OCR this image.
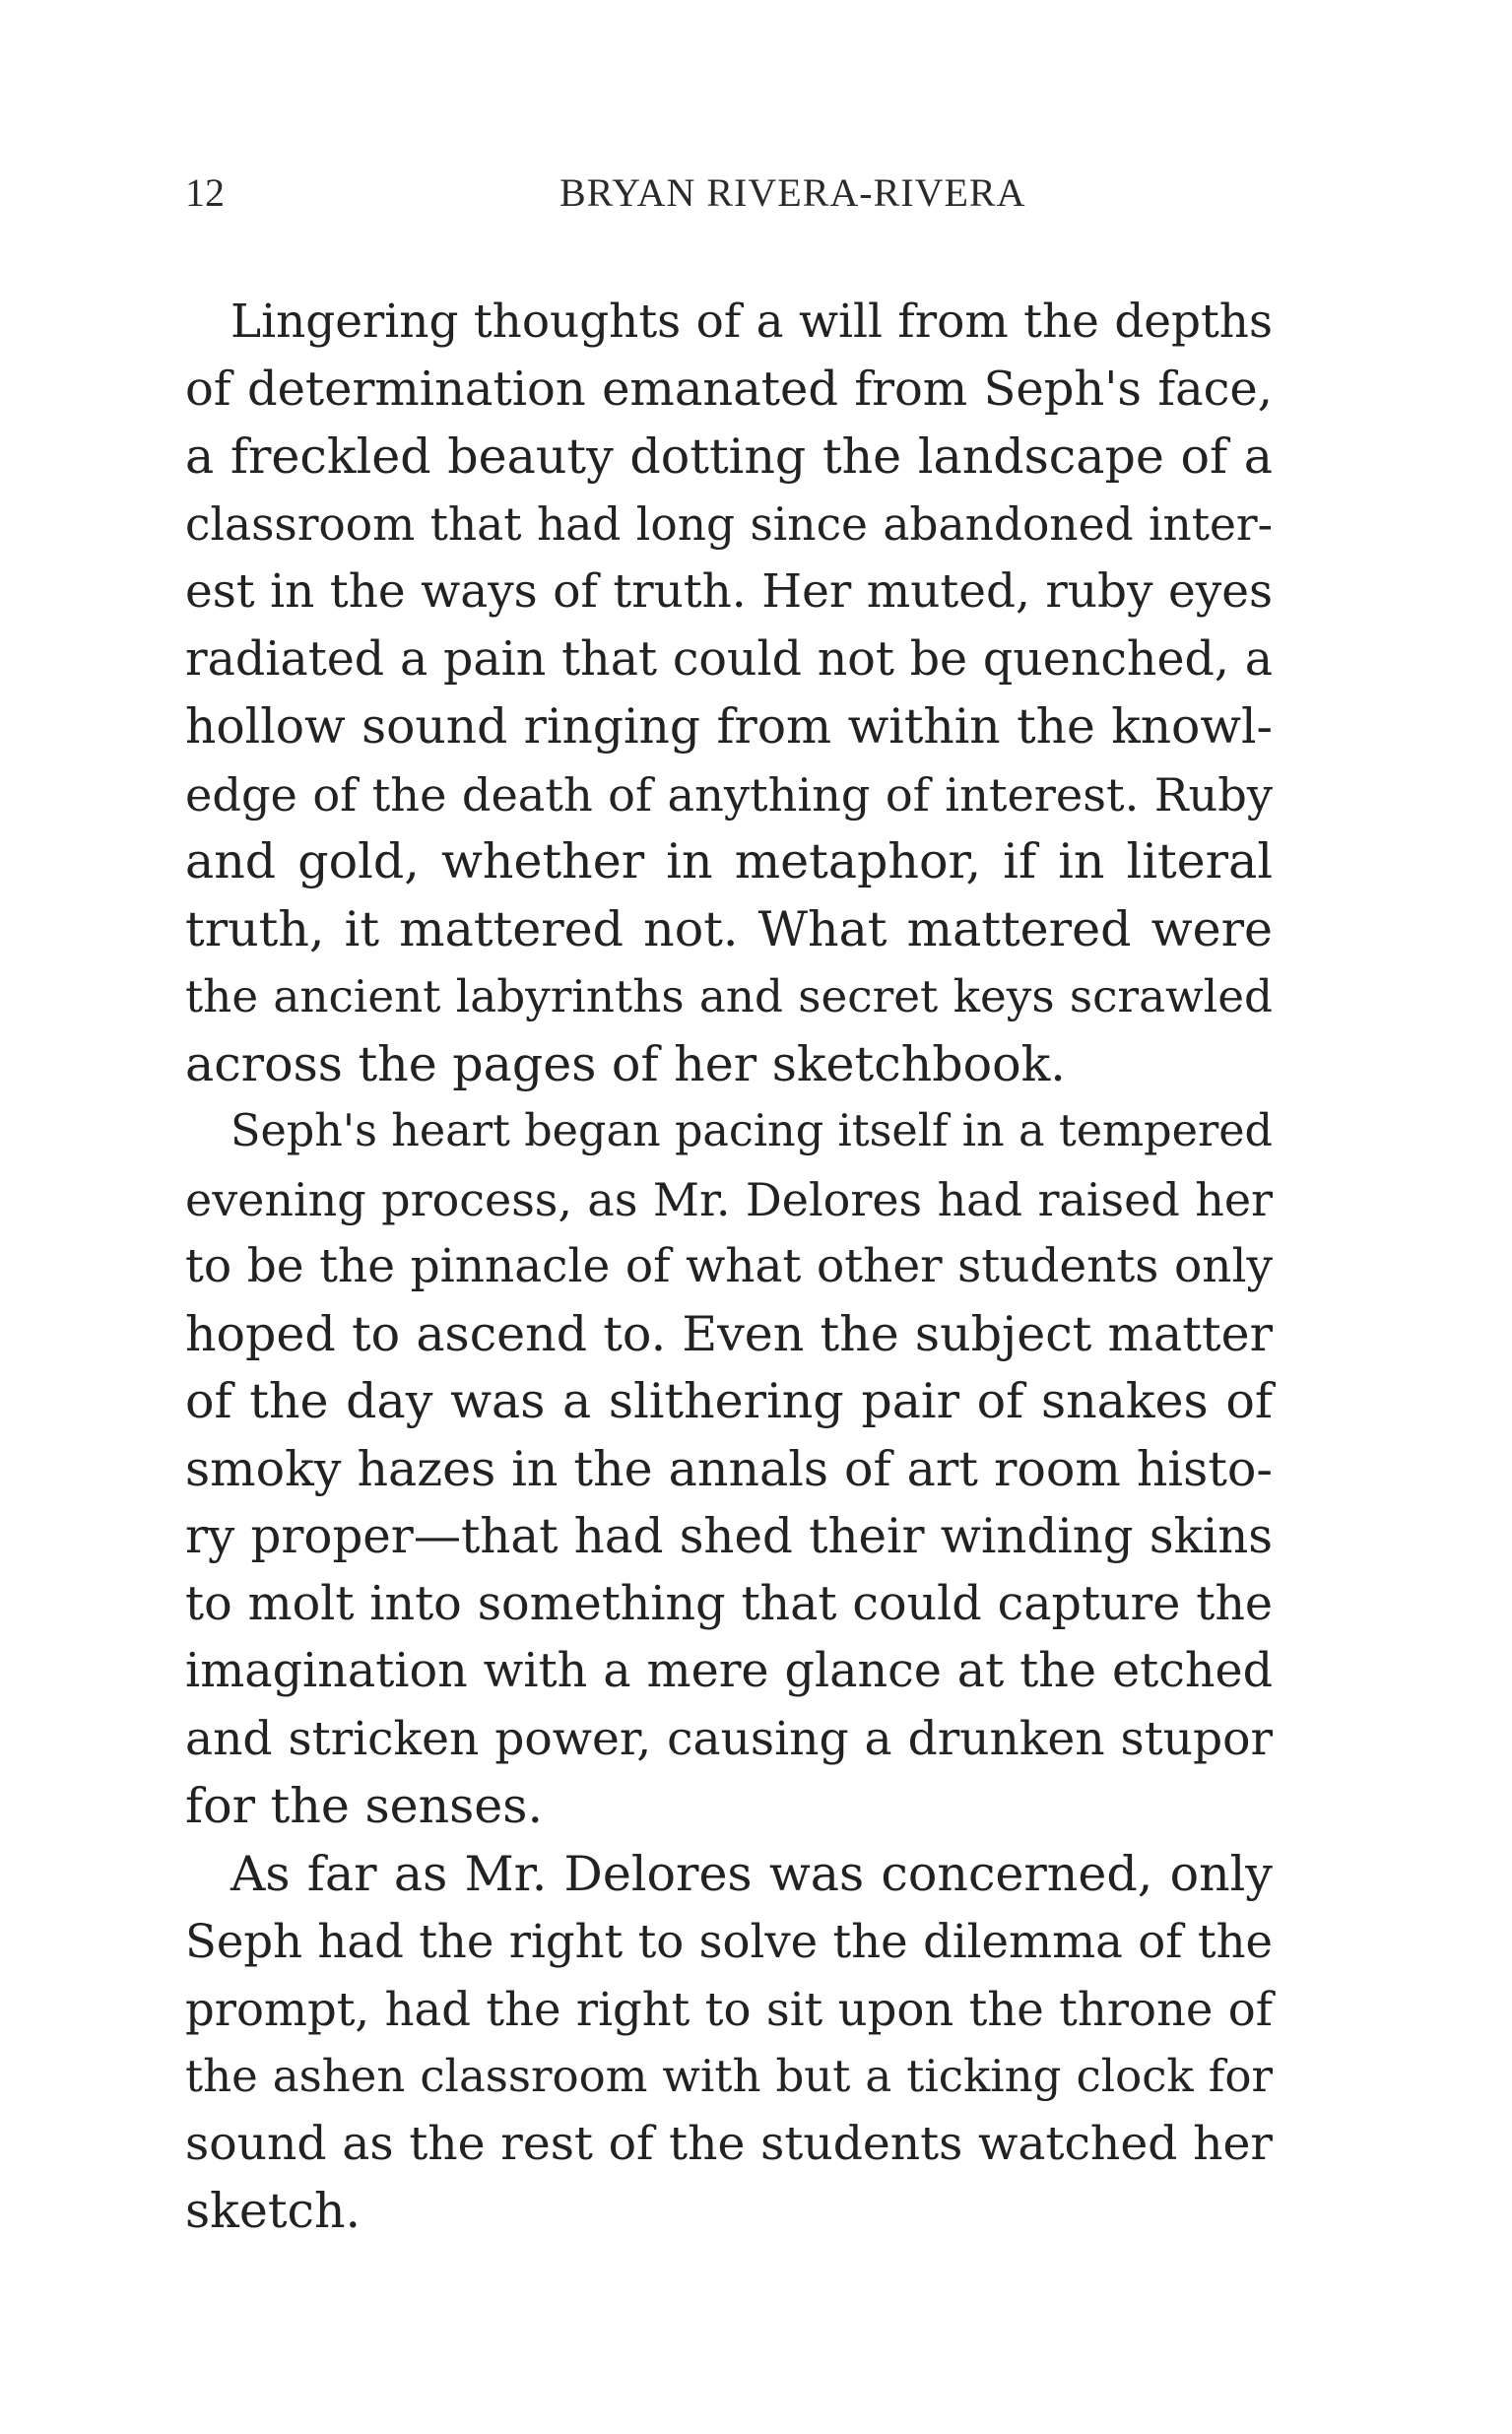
12	BRYAN RIVERA-RIVERA
Lingering thoughts of a will from the depths
of determination emanated from Seph's face,
a freckled beauty dotting the landscape of a
classroom that had long since abandoned inter-
est in the ways of truth. Her muted, ruby eyes
radiated a pain that could not be quenched, a
hollow sound ringing from within the knowl-
edge of the death of anything of interest. Ruby
and gold, whether in metaphor, if in literal
truth, it mattered not. What mattered were
the ancient labyrinths and secret keys scrawled
across the pages of her sketchbook.
Seph's heart began pacing itself in a tempered
evening process, as Mr. Delores had raised her
to be the pinnacle of what other students only
hoped to ascend to. Even the subject matter
of the day was a slithering pair of snakes of
smoky hazes in the annals of art room histo-
ry proper—that had shed their winding skins
to molt into something that could capture the
imagination with a mere glance at the etched
and stricken power, causing a drunken stupor
for the senses.
As far as Mr. Delores was concerned, only
Seph had the right to solve the dilemma of the
prompt, had the right to sit upon the throne of
the ashen classroom with but a ticking clock for
sound as the rest of the students watched her
sketch.
